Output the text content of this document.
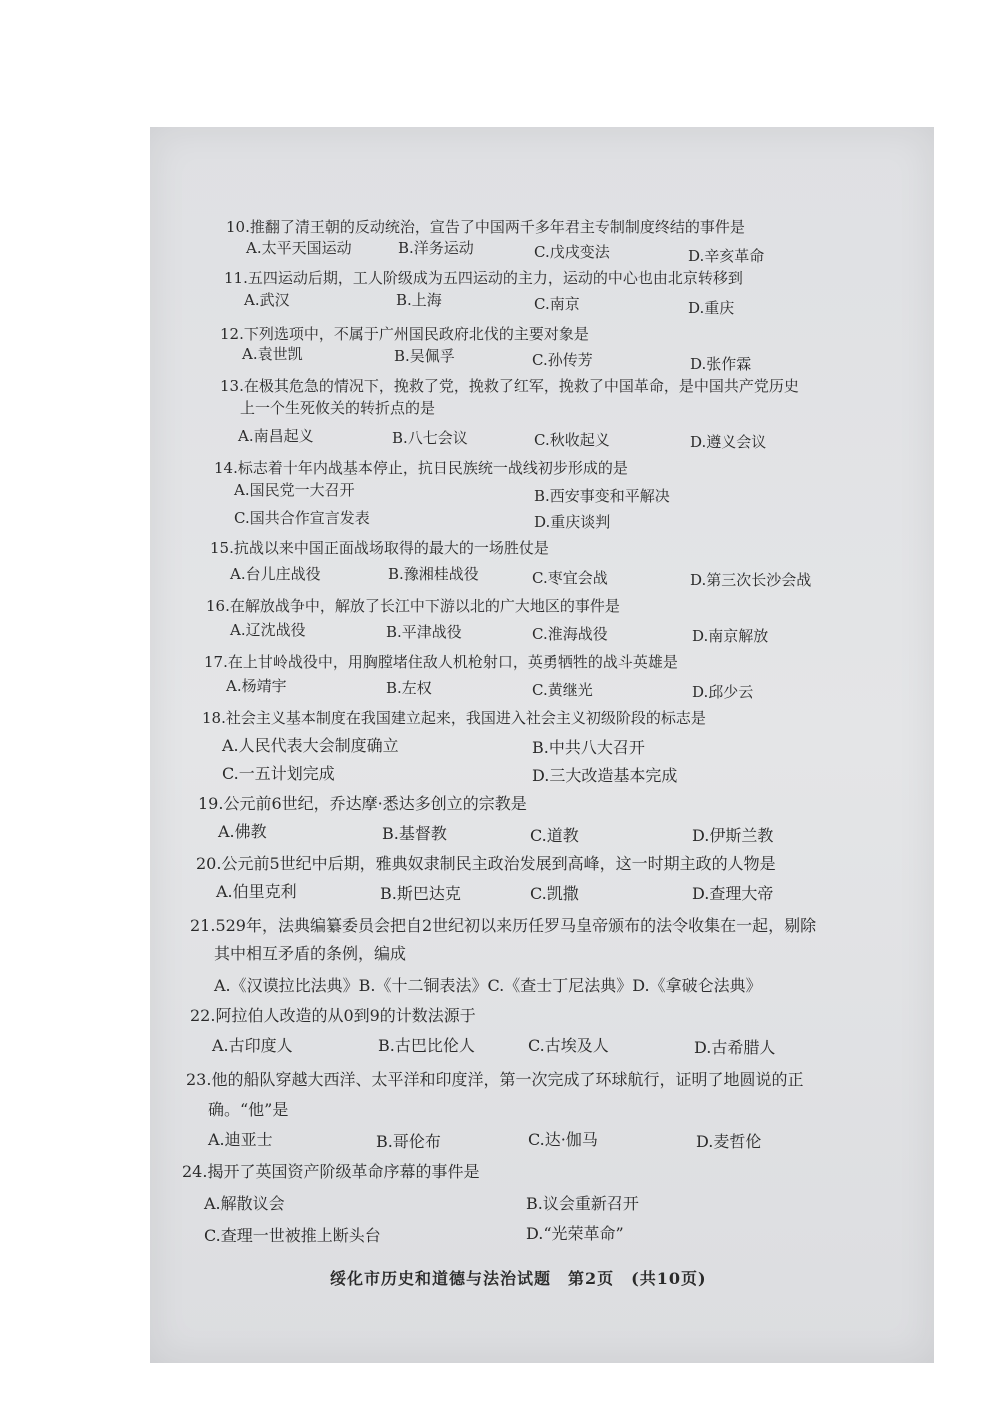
10.推翻了清王朝的反动统治，宣告了中国两千多年君主专制制度终结的事件是
A.太平天国运动	B.洋务运动	C.戊戌变法	D.辛亥革命
11.五四运动后期，工人阶级成为五四运动的主力，运动的中心也由北京转移到
A.武汉	B.上海	C.南京	D.重庆
12.下列选项中，不属于广州国民政府北伐的主要对象是
A.袁世凯	B.吴佩孚	C.孙传芳	D.张作霖
13.在极其危急的情况下，挽救了党，挽救了红军，挽救了中国革命，是中国共产党历史
上一个生死攸关的转折点的是
A.南昌起义	B.八七会议	C.秋收起义	D.遵义会议
14.标志着十年内战基本停止，抗日民族统一战线初步形成的是
A.国民党一大召开	B.西安事变和平解决
C.国共合作宣言发表	D.重庆谈判
15.抗战以来中国正面战场取得的最大的一场胜仗是
A.台儿庄战役	B.豫湘桂战役	C.枣宜会战	D.第三次长沙会战
16.在解放战争中，解放了长江中下游以北的广大地区的事件是
A.辽沈战役	B.平津战役	C.淮海战役	D.南京解放
17.在上甘岭战役中，用胸膛堵住敌人机枪射口，英勇牺牲的战斗英雄是
A.杨靖宇	B.左权	C.黄继光	D.邱少云
18.社会主义基本制度在我国建立起来，我国进入社会主义初级阶段的标志是
A.人民代表大会制度确立	B.中共八大召开
C.一五计划完成	D.三大改造基本完成
19.公元前6世纪，乔达摩·悉达多创立的宗教是
A.佛教	B.基督教	C.道教	D.伊斯兰教
20.公元前5世纪中后期，雅典奴隶制民主政治发展到高峰，这一时期主政的人物是
A.伯里克利	B.斯巴达克	C.凯撒	D.查理大帝
21.529年，法典编纂委员会把自2世纪初以来历任罗马皇帝颁布的法令收集在一起，剔除
其中相互矛盾的条例，编成
A.《汉谟拉比法典》B.《十二铜表法》C.《查士丁尼法典》D.《拿破仑法典》
22.阿拉伯人改造的从0到9的计数法源于
A.古印度人	B.古巴比伦人	C.古埃及人	D.古希腊人
23.他的船队穿越大西洋、太平洋和印度洋，第一次完成了环球航行，证明了地圆说的正
确。“他”是
A.迪亚士	B.哥伦布	C.达·伽马	D.麦哲伦
24.揭开了英国资产阶级革命序幕的事件是
A.解散议会	B.议会重新召开
C.查理一世被推上断头台	D.“光荣革命”
绥化市历史和道德与法治试题　第2页　(共10页)
